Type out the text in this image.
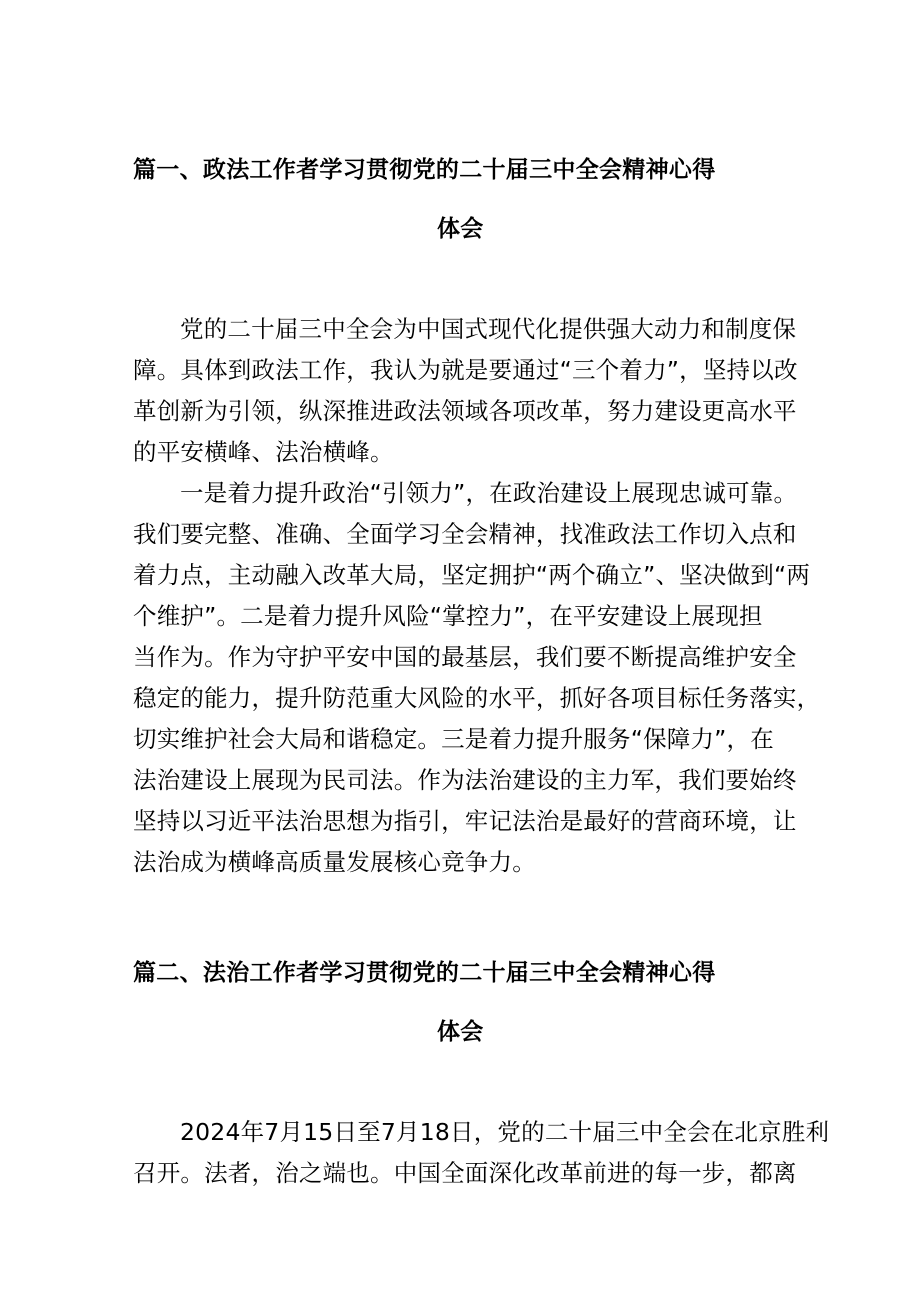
篇一、政法工作者学习贯彻党的二十届三中全会精神心得
体会
党的二十届三中全会为中国式现代化提供强大动力和制度保
障。具体到政法工作，我认为就是要通过“三个着力”，坚持以改
革创新为引领，纵深推进政法领域各项改革，努力建设更高水平
的平安横峰、法治横峰。
一是着力提升政治“引领力”，在政治建设上展现忠诚可靠。
我们要完整、准确、全面学习全会精神，找准政法工作切入点和
着力点，主动融入改革大局，坚定拥护“两个确立”、坚决做到“两
个维护”。二是着力提升风险“掌控力”，在平安建设上展现担
当作为。作为守护平安中国的最基层，我们要不断提高维护安全
稳定的能力，提升防范重大风险的水平，抓好各项目标任务落实，
切实维护社会大局和谐稳定。三是着力提升服务“保障力”，在
法治建设上展现为民司法。作为法治建设的主力军，我们要始终
坚持以习近平法治思想为指引，牢记法治是最好的营商环境，让
法治成为横峰高质量发展核心竞争力。
篇二、法治工作者学习贯彻党的二十届三中全会精神心得
体会
2024年7月15日至7月18日，党的二十届三中全会在北京胜利
召开。法者，治之端也。中国全面深化改革前进的每一步，都离
